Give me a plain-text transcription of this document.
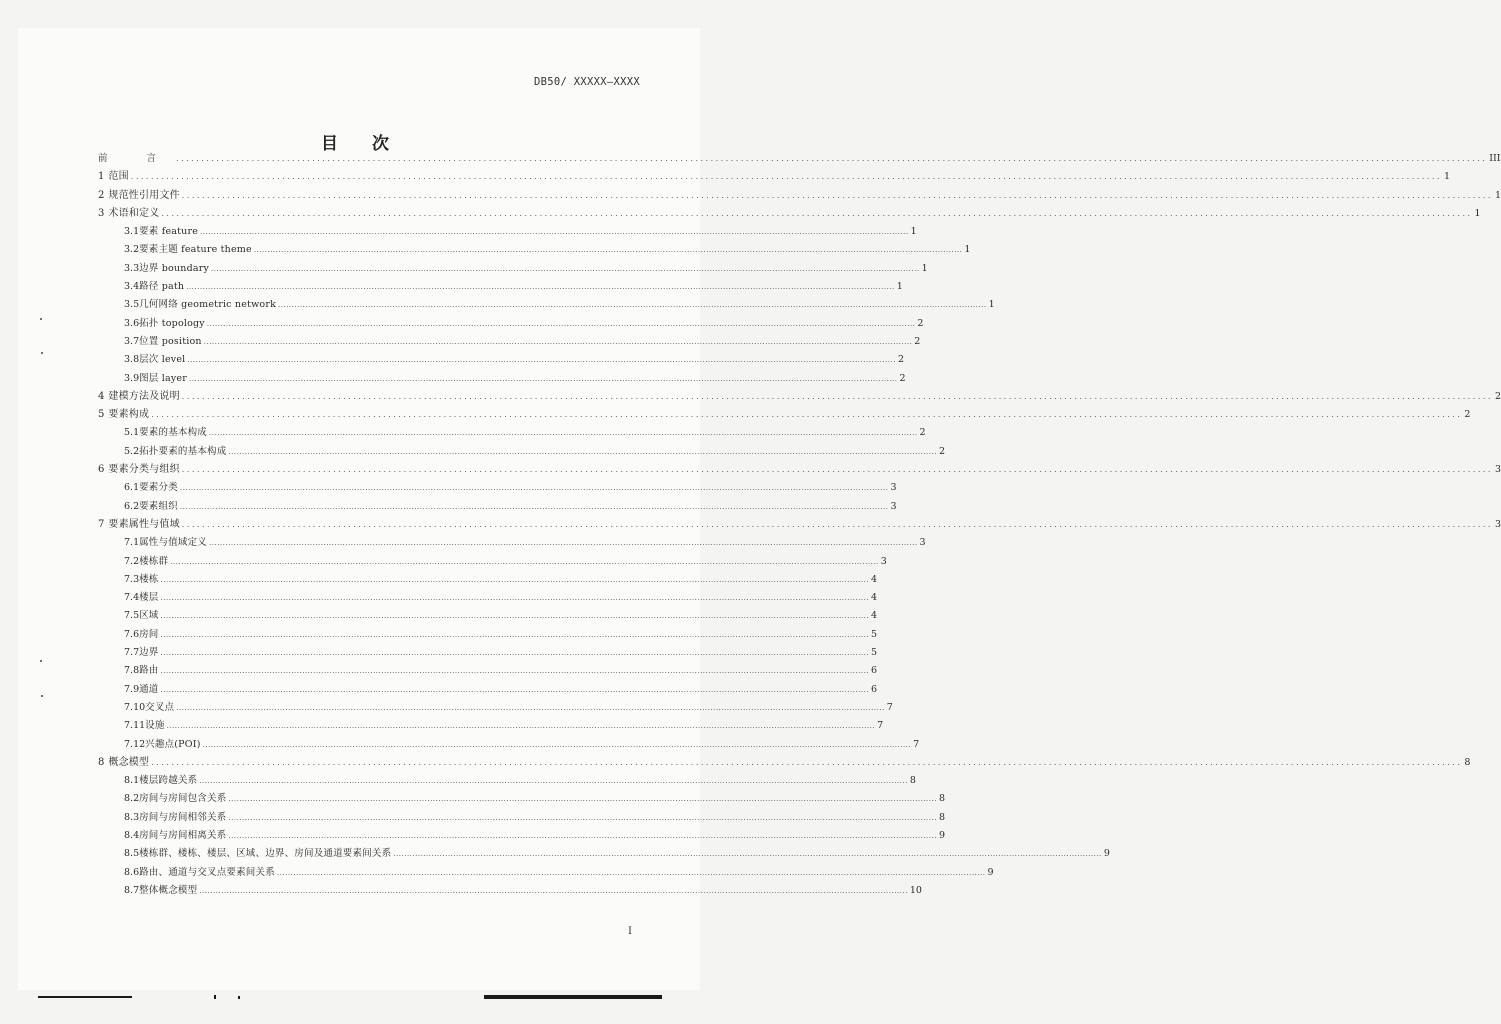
DB50/ XXXXX—XXXX
目 次
前 言 .................................................................................................................................................................................................................................................................... III
1 范围 .................................................................................................................................................................................................................................................................... 1
2 规范性引用文件 .................................................................................................................................................................................................................................................................... 1
3 术语和定义 .................................................................................................................................................................................................................................................................... 1
3.1 要素 feature .................................................................................................................................................................................................................................................................... 1
3.2 要素主题 feature theme .................................................................................................................................................................................................................................................................... 1
3.3 边界 boundary .................................................................................................................................................................................................................................................................... 1
3.4 路径 path .................................................................................................................................................................................................................................................................... 1
3.5 几何网络 geometric network .................................................................................................................................................................................................................................................................... 1
3.6 拓扑 topology .................................................................................................................................................................................................................................................................... 2
3.7 位置 position .................................................................................................................................................................................................................................................................... 2
3.8 层次 level .................................................................................................................................................................................................................................................................... 2
3.9 图层 layer .................................................................................................................................................................................................................................................................... 2
4 建模方法及说明 .................................................................................................................................................................................................................................................................... 2
5 要素构成 .................................................................................................................................................................................................................................................................... 2
5.1 要素的基本构成 .................................................................................................................................................................................................................................................................... 2
5.2 拓扑要素的基本构成 .................................................................................................................................................................................................................................................................... 2
6 要素分类与组织 .................................................................................................................................................................................................................................................................... 3
6.1 要素分类 .................................................................................................................................................................................................................................................................... 3
6.2 要素组织 .................................................................................................................................................................................................................................................................... 3
7 要素属性与值域 .................................................................................................................................................................................................................................................................... 3
7.1 属性与值域定义 .................................................................................................................................................................................................................................................................... 3
7.2 楼栋群 .................................................................................................................................................................................................................................................................... 3
7.3 楼栋 .................................................................................................................................................................................................................................................................... 4
7.4 楼层 .................................................................................................................................................................................................................................................................... 4
7.5 区域 .................................................................................................................................................................................................................................................................... 4
7.6 房间 .................................................................................................................................................................................................................................................................... 5
7.7 边界 .................................................................................................................................................................................................................................................................... 5
7.8 路由 .................................................................................................................................................................................................................................................................... 6
7.9 通道 .................................................................................................................................................................................................................................................................... 6
7.10 交叉点 .................................................................................................................................................................................................................................................................... 7
7.11 设施 .................................................................................................................................................................................................................................................................... 7
7.12 兴趣点(POI) .................................................................................................................................................................................................................................................................... 7
8 概念模型 .................................................................................................................................................................................................................................................................... 8
8.1 楼层跨越关系 .................................................................................................................................................................................................................................................................... 8
8.2 房间与房间包含关系 .................................................................................................................................................................................................................................................................... 8
8.3 房间与房间相邻关系 .................................................................................................................................................................................................................................................................... 8
8.4 房间与房间相离关系 .................................................................................................................................................................................................................................................................... 9
8.5 楼栋群、楼栋、楼层、区域、边界、房间及通道要素间关系 .................................................................................................................................................................................................................................................................... 9
8.6 路由、通道与交叉点要素间关系 .................................................................................................................................................................................................................................................................... 9
8.7 整体概念模型 .................................................................................................................................................................................................................................................................... 10
I
